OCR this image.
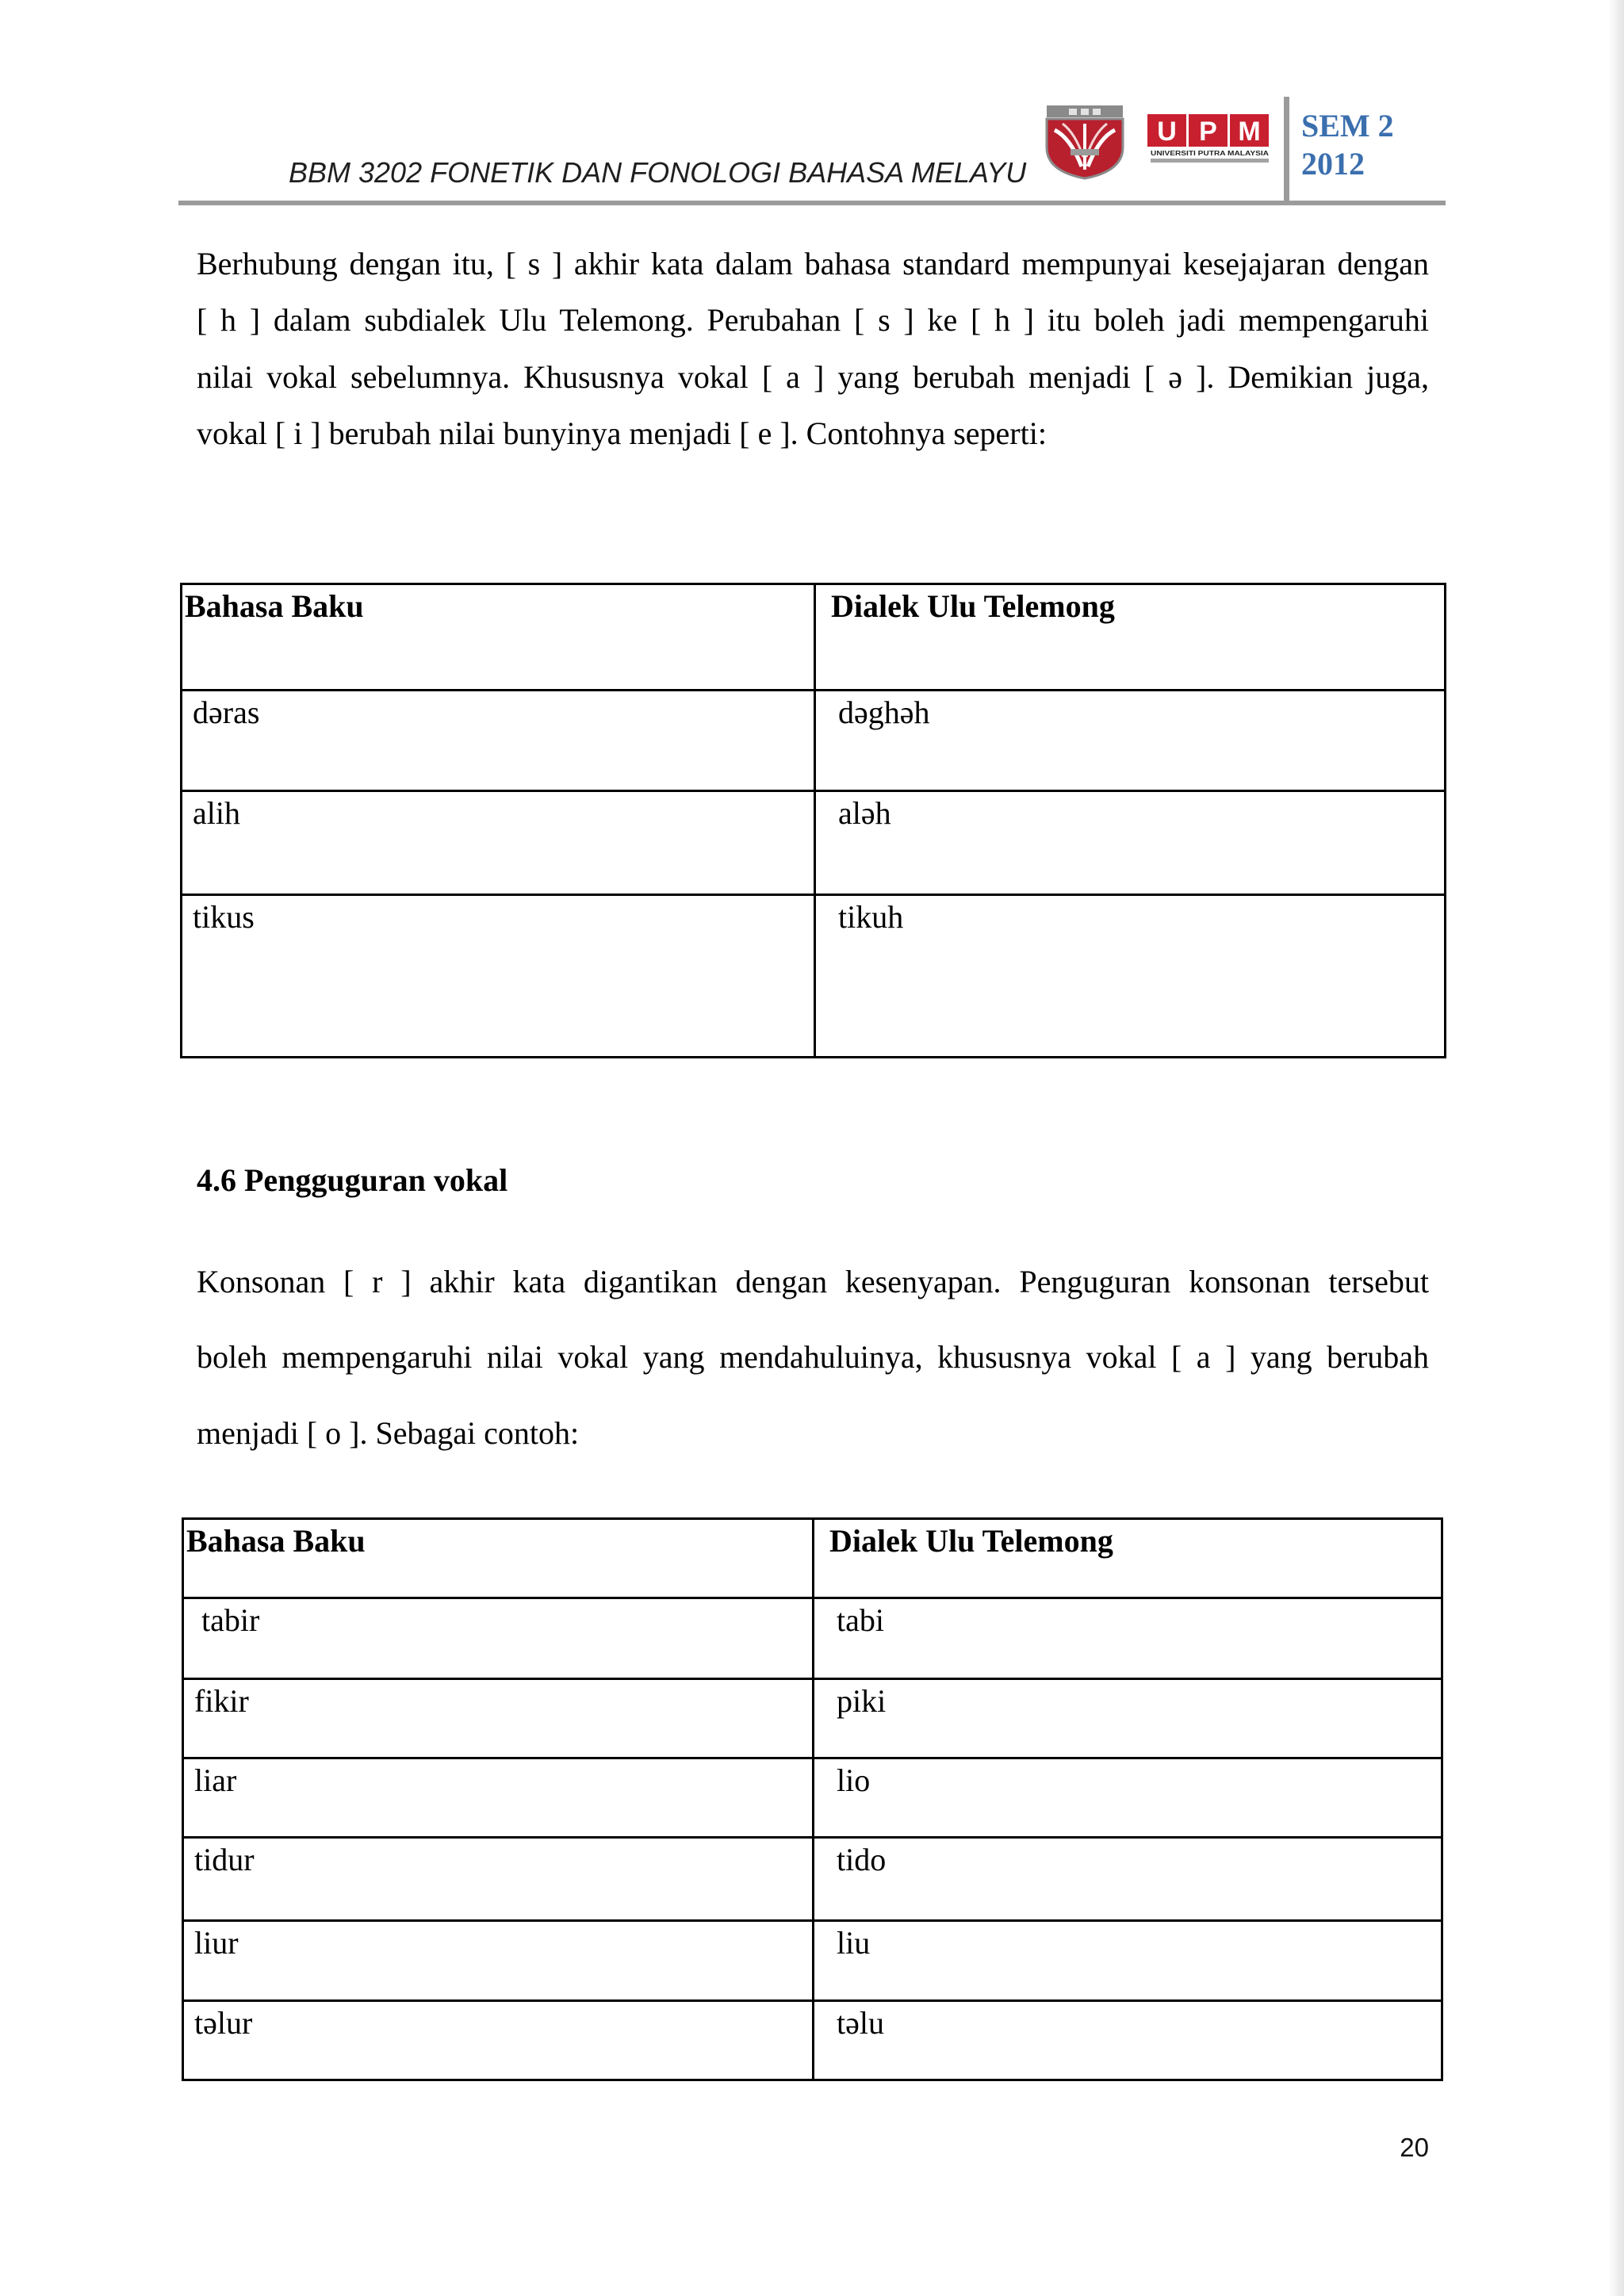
BBM 3202 FONETIK DAN FONOLOGI BAHASA MELAYU
U P M
UNIVERSITI PUTRA MALAYSIA
SEM 2
2012
Berhubung dengan itu, [ s ] akhir kata dalam bahasa standard mempunyai kesejajaran dengan
[ h ] dalam subdialek Ulu Telemong. Perubahan [ s ] ke [ h ] itu boleh jadi mempengaruhi
nilai vokal sebelumnya. Khususnya vokal [ a ] yang berubah menjadi [ ə ]. Demikian juga,
vokal [ i ] berubah nilai bunyinya menjadi [ e ]. Contohnya seperti:
Bahasa Baku	Dialek Ulu Telemong
dəras	dəghəh
alih	aləh
tikus	tikuh
4.6 Pengguguran vokal
Konsonan [ r ] akhir kata digantikan dengan kesenyapan. Penguguran konsonan tersebut
boleh mempengaruhi nilai vokal yang mendahuluinya, khususnya vokal [ a ] yang berubah
menjadi [ o ]. Sebagai contoh:
Bahasa Baku	Dialek Ulu Telemong
tabir	tabi
fikir	piki
liar	lio
tidur	tido
liur	liu
təlur	təlu
20
